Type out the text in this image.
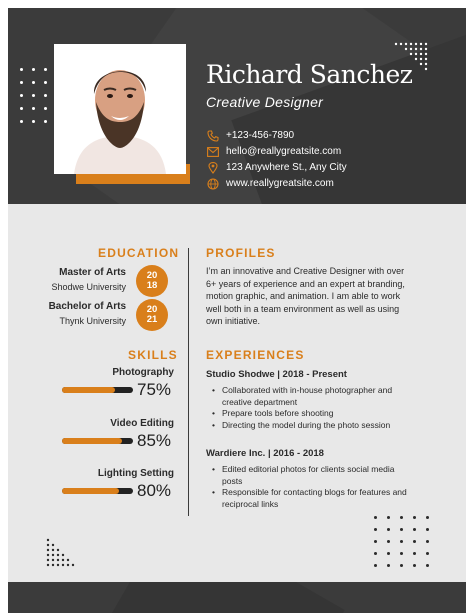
Richard Sanchez
Creative Designer
+123-456-7890
hello@reallygreatsite.com
123 Anywhere St., Any City
www.reallygreatsite.com
EDUCATION
Master of Arts
Shodwe University
20
18
Bachelor of Arts
Thynk University
20
21
SKILLS
Photography
75%
Video Editing
85%
Lighting Setting
80%
PROFILES
I’m an innovative and Creative Designer with over 6+ years of experience and an expert at branding, motion graphic, and animation. I am able to work well both in a team environment as well as using own initiative.
EXPERIENCES
Studio Shodwe | 2018 - Present
• Collaborated with in-house photographer and creative department
• Prepare tools before shooting
• Directing the model during the photo session
Wardiere Inc. | 2016 - 2018
• Edited editorial photos for clients social media posts
• Responsible for contacting blogs for features and reciprocal links
